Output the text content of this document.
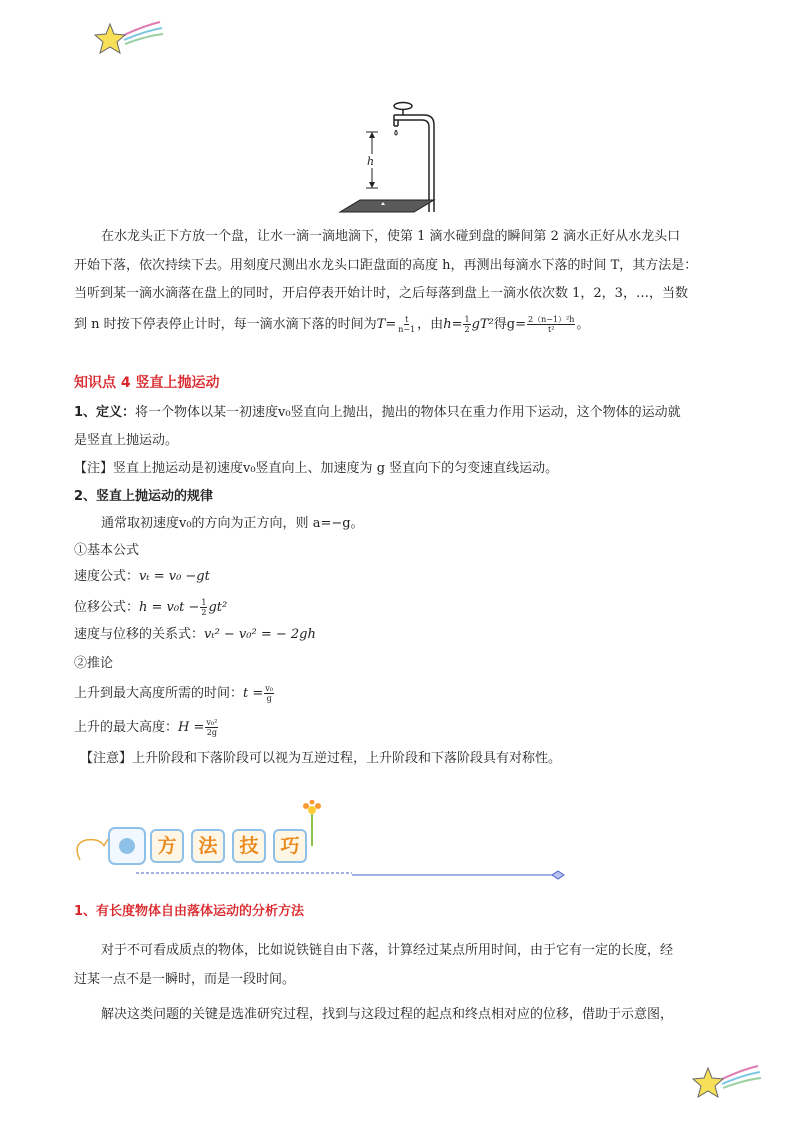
h
在水龙头正下方放一个盘，让水一滴一滴地滴下，使第 1 滴水碰到盘的瞬间第 2 滴水正好从水龙头口
开始下落，依次持续下去。用刻度尺测出水龙头口距盘面的高度 h，再测出每滴水下落的时间 T，其方法是：
当听到某一滴水滴落在盘上的同时，开启停表开始计时，之后每落到盘上一滴水依次数 1，2，3，…，当数
到 n 时按下停表停止计时，每一滴水滴下落的时间为$T= \frac{t}{n-1}$ ，由$h= \frac{1}{2} gT^2$得$g= \frac{\text{2（n−1）²h}}{\text{t²}}$ 。
知识点 4 竖直上抛运动
1、定义：将一个物体以某一初速度v₀竖直向上抛出，抛出的物体只在重力作用下运动，这个物体的运动就
是竖直上抛运动。
【注】竖直上抛运动是初速度v₀竖直向上、加速度为 g 竖直向下的匀变速直线运动。
2、竖直上抛运动的规律
通常取初速度v₀的方向为正方向，则 a=−g。
①基本公式
速度公式：vₜ = v₀ −gt
位移公式：$h = v_0t - \frac{1}{2} gt^2$
速度与位移的关系式：vₜ² − v₀² = − 2gh
②推论
上升到最大高度所需的时间：$t = \frac{\text{v₀}}{g}$
上升的最大高度：$H = \frac{\text{v₀²}}{2g}$
【注意】上升阶段和下落阶段可以视为互逆过程，上升阶段和下落阶段具有对称性。
方	法	技	巧
1、有长度物体自由落体运动的分析方法
对于不可看成质点的物体，比如说铁链自由下落，计算经过某点所用时间，由于它有一定的长度，经
过某一点不是一瞬时，而是一段时间。
解决这类问题的关键是选准研究过程，找到与这段过程的起点和终点相对应的位移，借助于示意图，
